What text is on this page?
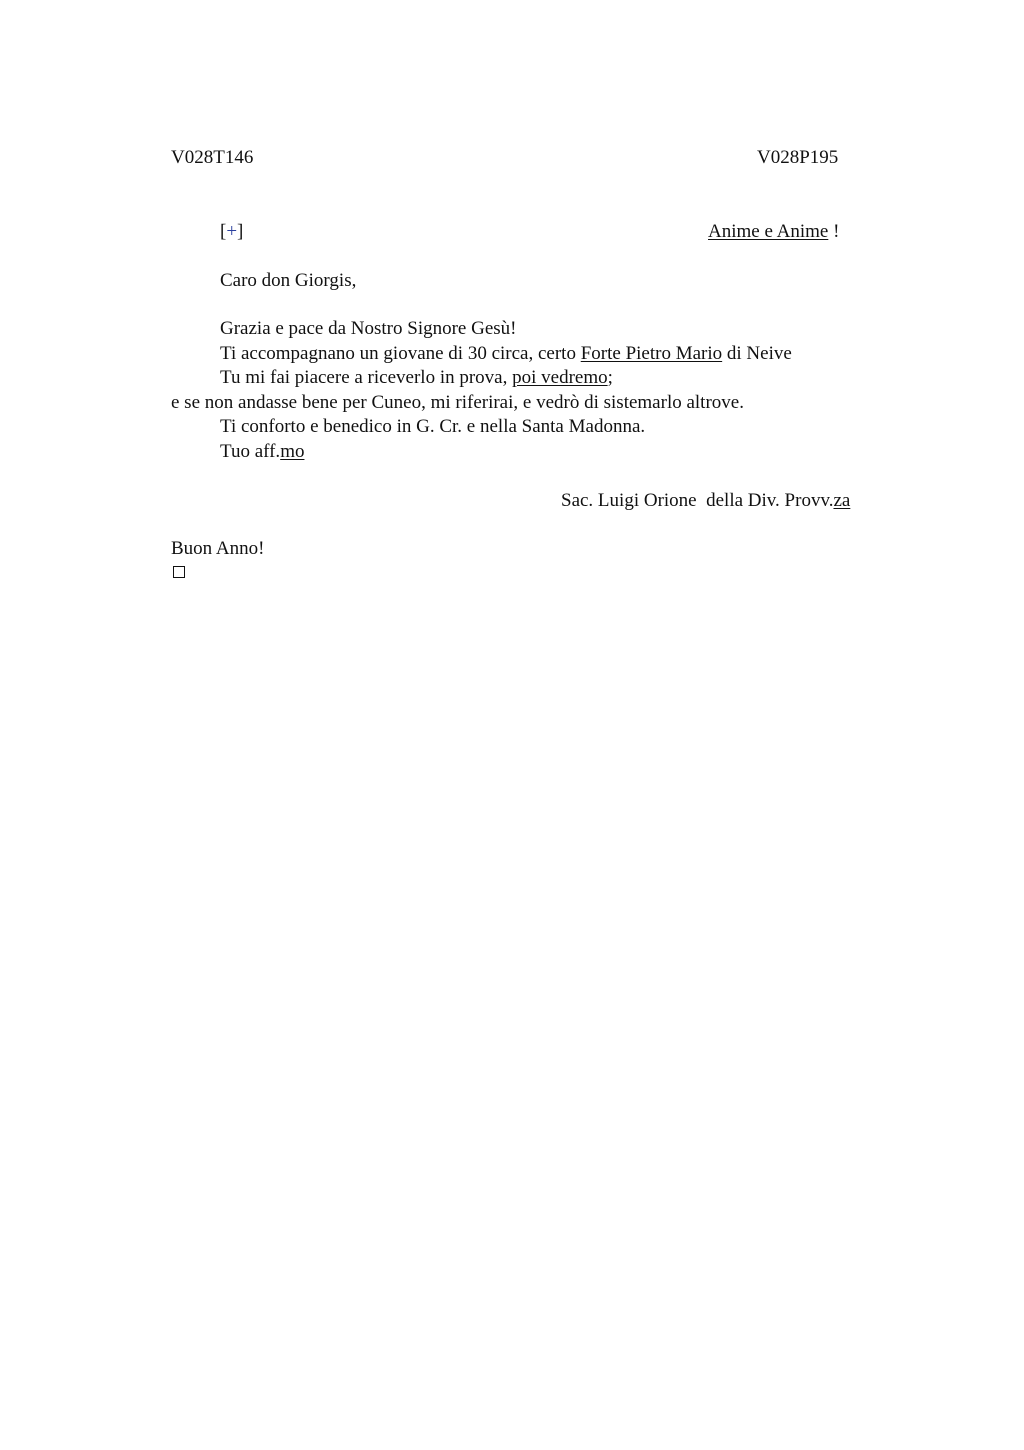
V028T146	V028P195
[+]	Anime e Anime !
Caro don Giorgis,
Grazia e pace da Nostro Signore Gesù!
Ti accompagnano un giovane di 30 circa, certo Forte Pietro Mario di Neive
Tu mi fai piacere a riceverlo in prova, poi vedremo;
e se non andasse bene per Cuneo, mi riferirai, e vedrò di sistemarlo altrove.
Ti conforto e benedico in G. Cr. e nella Santa Madonna.
Tuo aff.mo
Sac. Luigi Orione  della Div. Provv.za
Buon Anno!
